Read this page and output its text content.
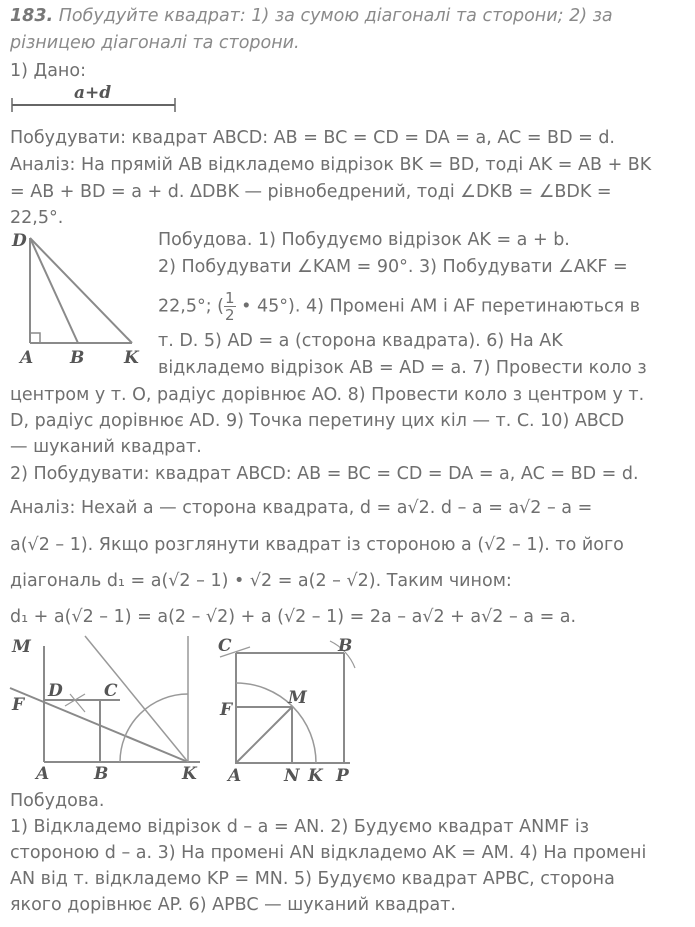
183. Побудуйте квадрат: 1) за сумою діагоналі та сторони; 2) за
різницею діагоналі та сторони.
1) Дано:
a+d
Побудувати: квадрат ABCD: AB = BC = CD = DA = a, AC = BD = d.
Аналіз: На прямій AB відкладемо відрізок BK = BD, тоді AK = AB + BK
= AB + BD = a + d. ΔDBK — рівнобедрений, тоді ∠DKB = ∠BDK =
22,5°.
D
A B K
Побудова. 1) Побудуємо відрізок AK = a + b.
2) Побудувати ∠KAM = 90°. 3) Побудувати ∠AKF =
22,5°; ( $\frac{1}{2}$ • 45°). 4) Промені AM і AF перетинаються в
т. D. 5) AD = a (сторона квадрата). 6) На AK
відкладемо відрізок AB = AD = a. 7) Провести коло з
центром у т. O, радіус дорівнює AO. 8) Провести коло з центром у т.
D, радіус дорівнює AD. 9) Точка перетину цих кіл — т. C. 10) ABCD
— шуканий квадрат.
2) Побудувати: квадрат ABCD: AB = BC = CD = DA = a, AC = BD = d.
Аналіз: Нехай a — сторона квадрата, d = a√2. d – a = a√2 – a =
a(√2 – 1). Якщо розглянути квадрат із стороною a (√2 – 1). то його
діагональ d₁ = a(√2 – 1) • √2 = a(2 – √2). Таким чином:
d₁ + a(√2 – 1) = a(2 – √2) + a (√2 – 1) = 2a – a√2 + a√2 – a = a.
M
D C
F
A	B	K
C	B
M
F
A	N K P
Побудова.
1) Відкладемо відрізок d – a = AN. 2) Будуємо квадрат ANMF із
стороною d – a. 3) На промені AN відкладемо AK = AM. 4) На промені
AN від т. відкладемо KP = MN. 5) Будуємо квадрат APBC, сторона
якого дорівнює AP. 6) APBC — шуканий квадрат.
